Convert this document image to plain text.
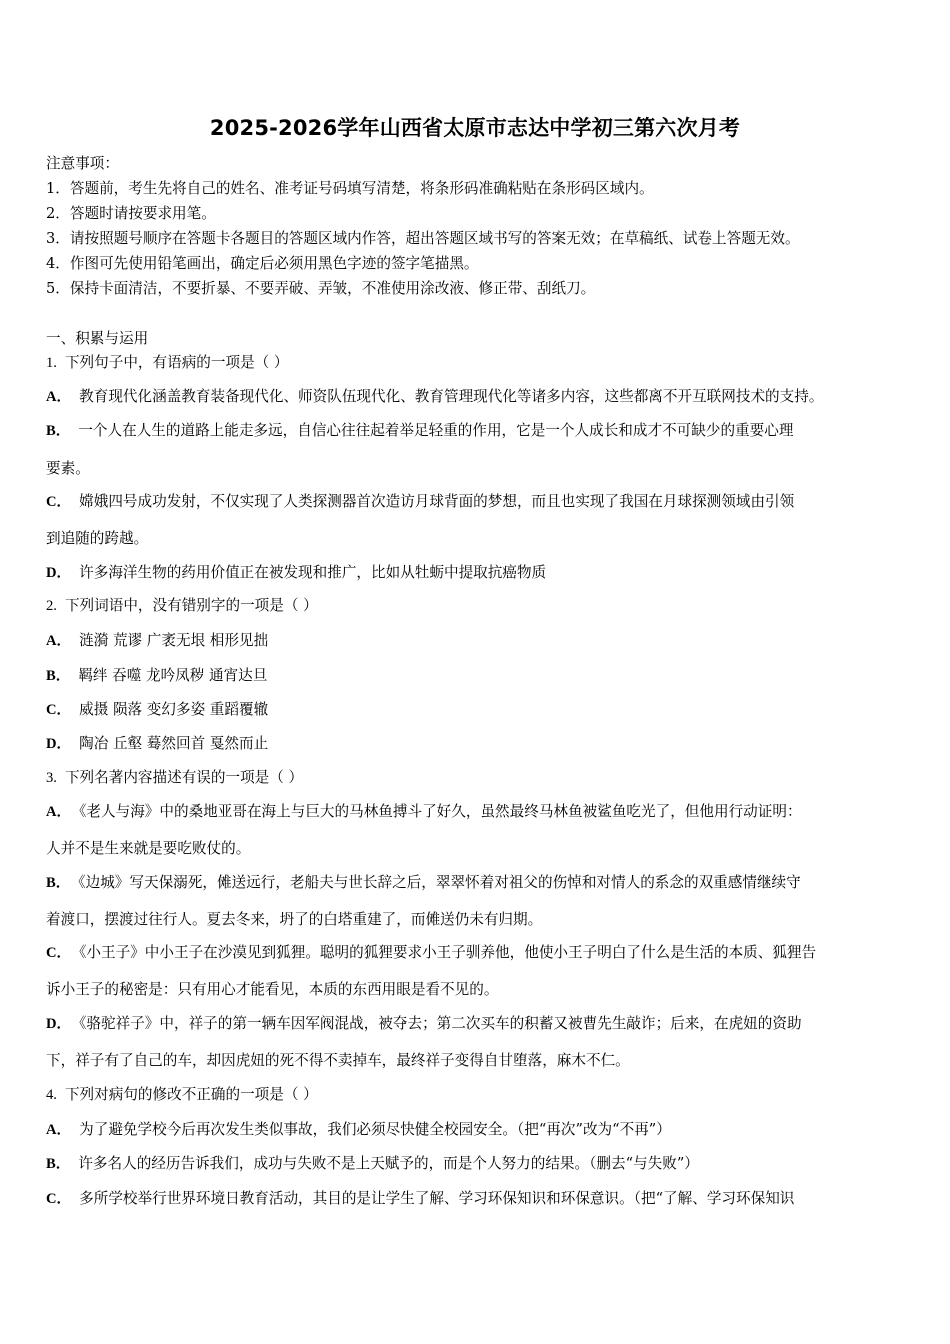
2025-2026学年山西省太原市志达中学初三第六次月考
注意事项：
1．答题前，考生先将自己的姓名、准考证号码填写清楚，将条形码准确粘贴在条形码区域内。
2．答题时请按要求用笔。
3．请按照题号顺序在答题卡各题目的答题区域内作答，超出答题区域书写的答案无效；在草稿纸、试卷上答题无效。
4．作图可先使用铅笔画出，确定后必须用黑色字迹的签字笔描黑。
5．保持卡面清洁，不要折暴、不要弄破、弄皱，不准使用涂改液、修正带、刮纸刀。
一、积累与运用
1. 下列句子中，有语病的一项是（ ）
A． 教育现代化涵盖教育装备现代化、师资队伍现代化、教育管理现代化等诸多内容，这些都离不开互联网技术的支持。
B． 一个人在人生的道路上能走多远，自信心往往起着举足轻重的作用，它是一个人成长和成才不可缺少的重要心理
要素。
C． 嫦娥四号成功发射，不仅实现了人类探测器首次造访月球背面的梦想，而且也实现了我国在月球探测领域由引领
到追随的跨越。
D． 许多海洋生物的药用价值正在被发现和推广，比如从牡蛎中提取抗癌物质
2. 下列词语中，没有错别字的一项是（ ）
A． 涟漪 荒谬 广袤无垠 相形见拙
B． 羁绊 吞噬 龙吟凤秽 通宵达旦
C． 威摄 陨落 变幻多姿 重蹈覆辙
D． 陶冶 丘壑 蓦然回首 戛然而止
3. 下列名著内容描述有误的一项是（ ）
A． 《老人与海》中的桑地亚哥在海上与巨大的马林鱼搏斗了好久，虽然最终马林鱼被鲨鱼吃光了，但他用行动证明：
人并不是生来就是要吃败仗的。
B． 《边城》写天保溺死，傩送远行，老船夫与世长辞之后，翠翠怀着对祖父的伤悼和对情人的系念的双重感情继续守
着渡口，摆渡过往行人。夏去冬来，坍了的白塔重建了，而傩送仍未有归期。
C． 《小王子》中小王子在沙漠见到狐狸。聪明的狐狸要求小王子驯养他，他使小王子明白了什么是生活的本质、狐狸告
诉小王子的秘密是：只有用心才能看见，本质的东西用眼是看不见的。
D． 《骆驼祥子》中，祥子的第一辆车因军阀混战，被夺去；第二次买车的积蓄又被曹先生敲诈；后来，在虎妞的资助
下，祥子有了自己的车，却因虎妞的死不得不卖掉车，最终祥子变得自甘堕落，麻木不仁。
4. 下列对病句的修改不正确的一项是（ ）
A． 为了避免学校今后再次发生类似事故，我们必须尽快健全校园安全。（把“再次”改为“不再”）
B． 许多名人的经历告诉我们，成功与失败不是上天赋予的，而是个人努力的结果。（删去“与失败”）
C． 多所学校举行世界环境日教育活动，其目的是让学生了解、学习环保知识和环保意识。（把“了解、学习环保知识
